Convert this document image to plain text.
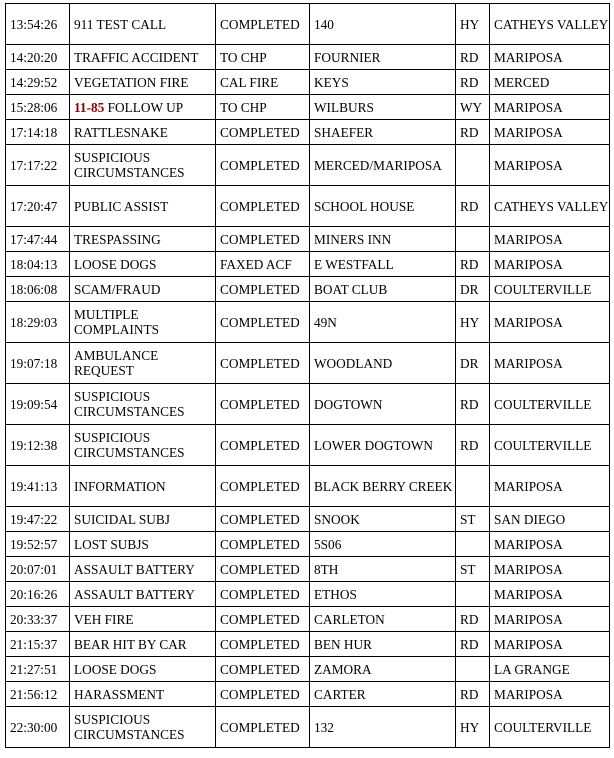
13:54:26	911 TEST CALL	COMPLETED	140	HY	CATHEYS VALLEY
14:20:20	TRAFFIC ACCIDENT	TO CHP	FOURNIER	RD	MARIPOSA
14:29:52	VEGETATION FIRE	CAL FIRE	KEYS	RD	MERCED
15:28:06	11-85 FOLLOW UP	TO CHP	WILBURS	WY	MARIPOSA
17:14:18	RATTLESNAKE	COMPLETED	SHAEFER	RD	MARIPOSA
17:17:22	SUSPICIOUS CIRCUMSTANCES	COMPLETED	MERCED/MARIPOSA		MARIPOSA
17:20:47	PUBLIC ASSIST	COMPLETED	SCHOOL HOUSE	RD	CATHEYS VALLEY
17:47:44	TRESPASSING	COMPLETED	MINERS INN		MARIPOSA
18:04:13	LOOSE DOGS	FAXED ACF	E WESTFALL	RD	MARIPOSA
18:06:08	SCAM/FRAUD	COMPLETED	BOAT CLUB	DR	COULTERVILLE
18:29:03	MULTIPLE COMPLAINTS	COMPLETED	49N	HY	MARIPOSA
19:07:18	AMBULANCE REQUEST	COMPLETED	WOODLAND	DR	MARIPOSA
19:09:54	SUSPICIOUS CIRCUMSTANCES	COMPLETED	DOGTOWN	RD	COULTERVILLE
19:12:38	SUSPICIOUS CIRCUMSTANCES	COMPLETED	LOWER DOGTOWN	RD	COULTERVILLE
19:41:13	INFORMATION	COMPLETED	BLACK BERRY CREEK		MARIPOSA
19:47:22	SUICIDAL SUBJ	COMPLETED	SNOOK	ST	SAN DIEGO
19:52:57	LOST SUBJS	COMPLETED	5S06		MARIPOSA
20:07:01	ASSAULT BATTERY	COMPLETED	8TH	ST	MARIPOSA
20:16:26	ASSAULT BATTERY	COMPLETED	ETHOS		MARIPOSA
20:33:37	VEH FIRE	COMPLETED	CARLETON	RD	MARIPOSA
21:15:37	BEAR HIT BY CAR	COMPLETED	BEN HUR	RD	MARIPOSA
21:27:51	LOOSE DOGS	COMPLETED	ZAMORA		LA GRANGE
21:56:12	HARASSMENT	COMPLETED	CARTER	RD	MARIPOSA
22:30:00	SUSPICIOUS CIRCUMSTANCES	COMPLETED	132	HY	COULTERVILLE
